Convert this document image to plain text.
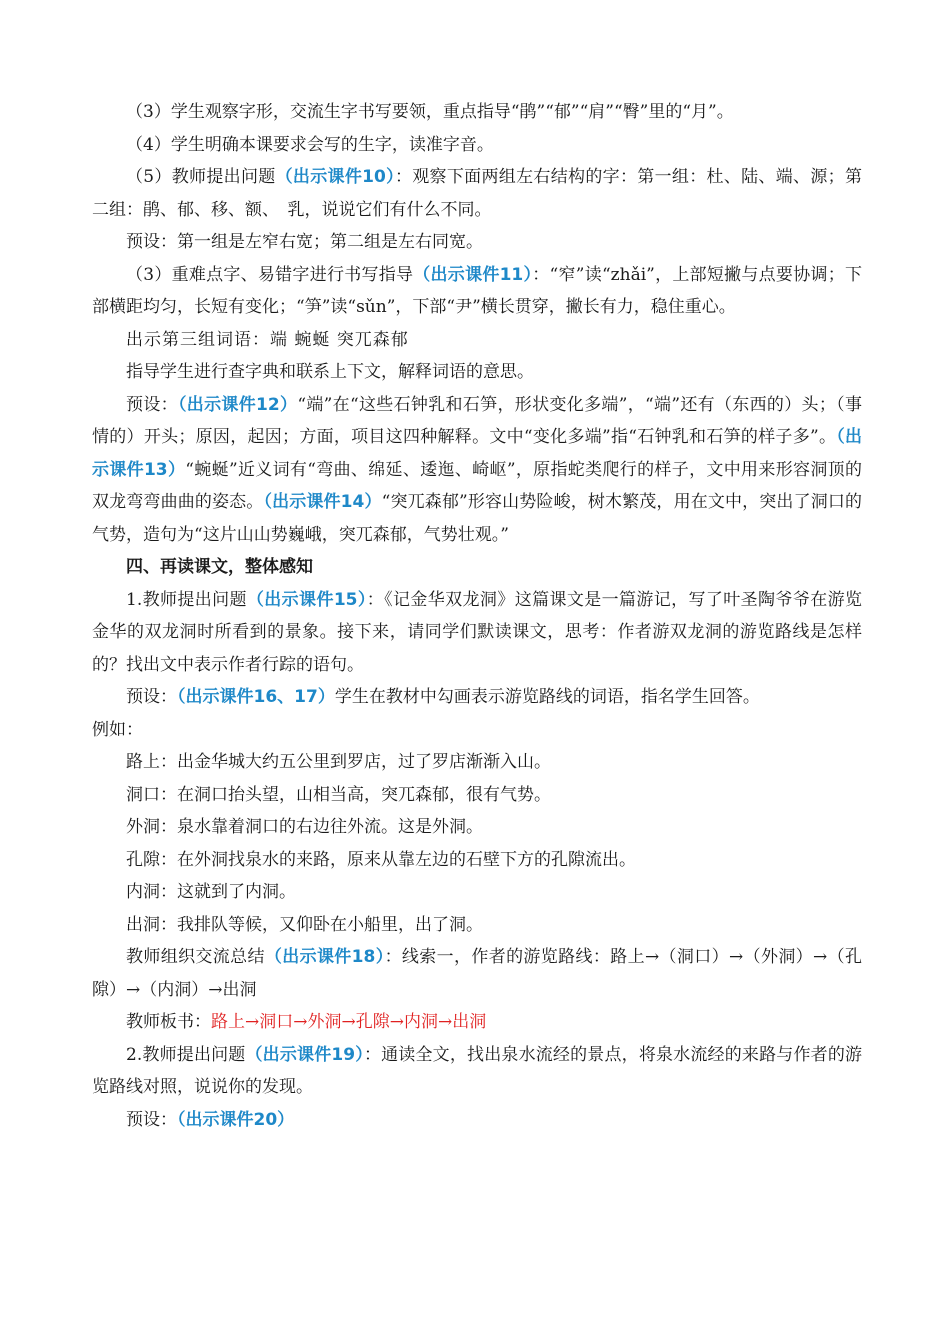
（3）学生观察字形，交流生字书写要领，重点指导“鹃”“郁”“肩”“臀”里的“月”。

（4）学生明确本课要求会写的生字，读准字音。

（5）教师提出问题（出示课件10）：观察下面两组左右结构的字：第一组：杜、陆、端、源；第二组：鹃、郁、移、额、　乳，说说它们有什么不同。

预设：第一组是左窄右宽；第二组是左右同宽。

（3）重难点字、易错字进行书写指导（出示课件11）：“窄”读“zhǎi”，上部短撇与点要协调；下部横距均匀，长短有变化；“笋”读“sǔn”，下部“尹”横长贯穿，撇长有力，稳住重心。

出示第三组词语：端 蜿蜒 突兀森郁

指导学生进行查字典和联系上下文，解释词语的意思。

预设：（出示课件12）“端”在“这些石钟乳和石笋，形状变化多端”，“端”还有（东西的）头；（事情的）开头；原因，起因；方面，项目这四种解释。文中“变化多端”指“石钟乳和石笋的样子多”。（出示课件13）“蜿蜒”近义词有“弯曲、绵延、逶迤、崎岖”，原指蛇类爬行的样子，文中用来形容洞顶的双龙弯弯曲曲的姿态。（出示课件14）“突兀森郁”形容山势险峻，树木繁茂，用在文中，突出了洞口的气势，造句为“这片山山势巍峨，突兀森郁，气势壮观。”

四、再读课文，整体感知

1.教师提出问题（出示课件15）：《记金华双龙洞》这篇课文是一篇游记，写了叶圣陶爷爷在游览金华的双龙洞时所看到的景象。接下来，请同学们默读课文，思考：作者游双龙洞的游览路线是怎样的？找出文中表示作者行踪的语句。

预设：（出示课件16、17）学生在教材中勾画表示游览路线的词语，指名学生回答。

例如：

路上：出金华城大约五公里到罗店，过了罗店渐渐入山。

洞口：在洞口抬头望，山相当高，突兀森郁，很有气势。

外洞：泉水靠着洞口的右边往外流。这是外洞。

孔隙：在外洞找泉水的来路，原来从靠左边的石壁下方的孔隙流出。

内洞：这就到了内洞。

出洞：我排队等候，又仰卧在小船里，出了洞。

教师组织交流总结（出示课件18）：线索一，作者的游览路线：路上→（洞口）→（外洞）→（孔隙）→（内洞）→出洞

教师板书：路上→洞口→外洞→孔隙→内洞→出洞

2.教师提出问题（出示课件19）：通读全文，找出泉水流经的景点，将泉水流经的来路与作者的游览路线对照，说说你的发现。

预设：（出示课件20）
